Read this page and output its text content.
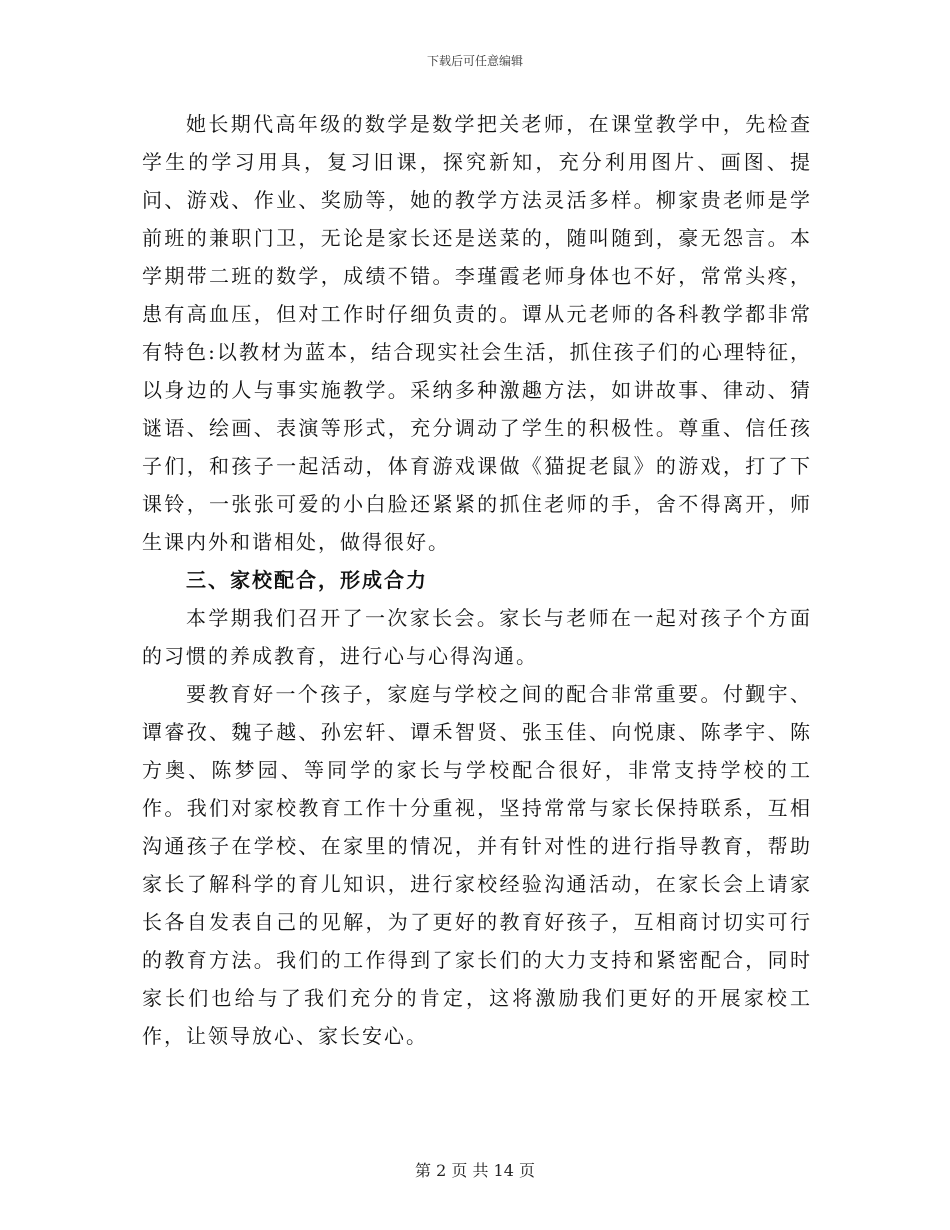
下载后可任意编辑

她长期代高年级的数学是数学把关老师，在课堂教学中，先检查学生的学习用具，复习旧课，探究新知，充分利用图片、画图、提问、游戏、作业、奖励等，她的教学方法灵活多样。柳家贵老师是学前班的兼职门卫，无论是家长还是送菜的，随叫随到，豪无怨言。本学期带二班的数学，成绩不错。李瑾霞老师身体也不好，常常头疼，患有高血压，但对工作时仔细负责的。谭从元老师的各科教学都非常有特色:以教材为蓝本，结合现实社会生活，抓住孩子们的心理特征，以身边的人与事实施教学。采纳多种激趣方法，如讲故事、律动、猜谜语、绘画、表演等形式，充分调动了学生的积极性。尊重、信任孩子们，和孩子一起活动，体育游戏课做《猫捉老鼠》的游戏，打了下课铃，一张张可爱的小白脸还紧紧的抓住老师的手，舍不得离开，师生课内外和谐相处，做得很好。

三、家校配合，形成合力

本学期我们召开了一次家长会。家长与老师在一起对孩子个方面的习惯的养成教育，进行心与心得沟通。

要教育好一个孩子，家庭与学校之间的配合非常重要。付觐宇、谭睿孜、魏子越、孙宏轩、谭禾智贤、张玉佳、向悦康、陈孝宇、陈方奥、陈梦园、等同学的家长与学校配合很好，非常支持学校的工作。我们对家校教育工作十分重视，坚持常常与家长保持联系，互相沟通孩子在学校、在家里的情况，并有针对性的进行指导教育，帮助家长了解科学的育儿知识，进行家校经验沟通活动，在家长会上请家长各自发表自己的见解，为了更好的教育好孩子，互相商讨切实可行的教育方法。我们的工作得到了家长们的大力支持和紧密配合，同时家长们也给与了我们充分的肯定，这将激励我们更好的开展家校工作，让领导放心、家长安心。

第 2 页 共 14 页
